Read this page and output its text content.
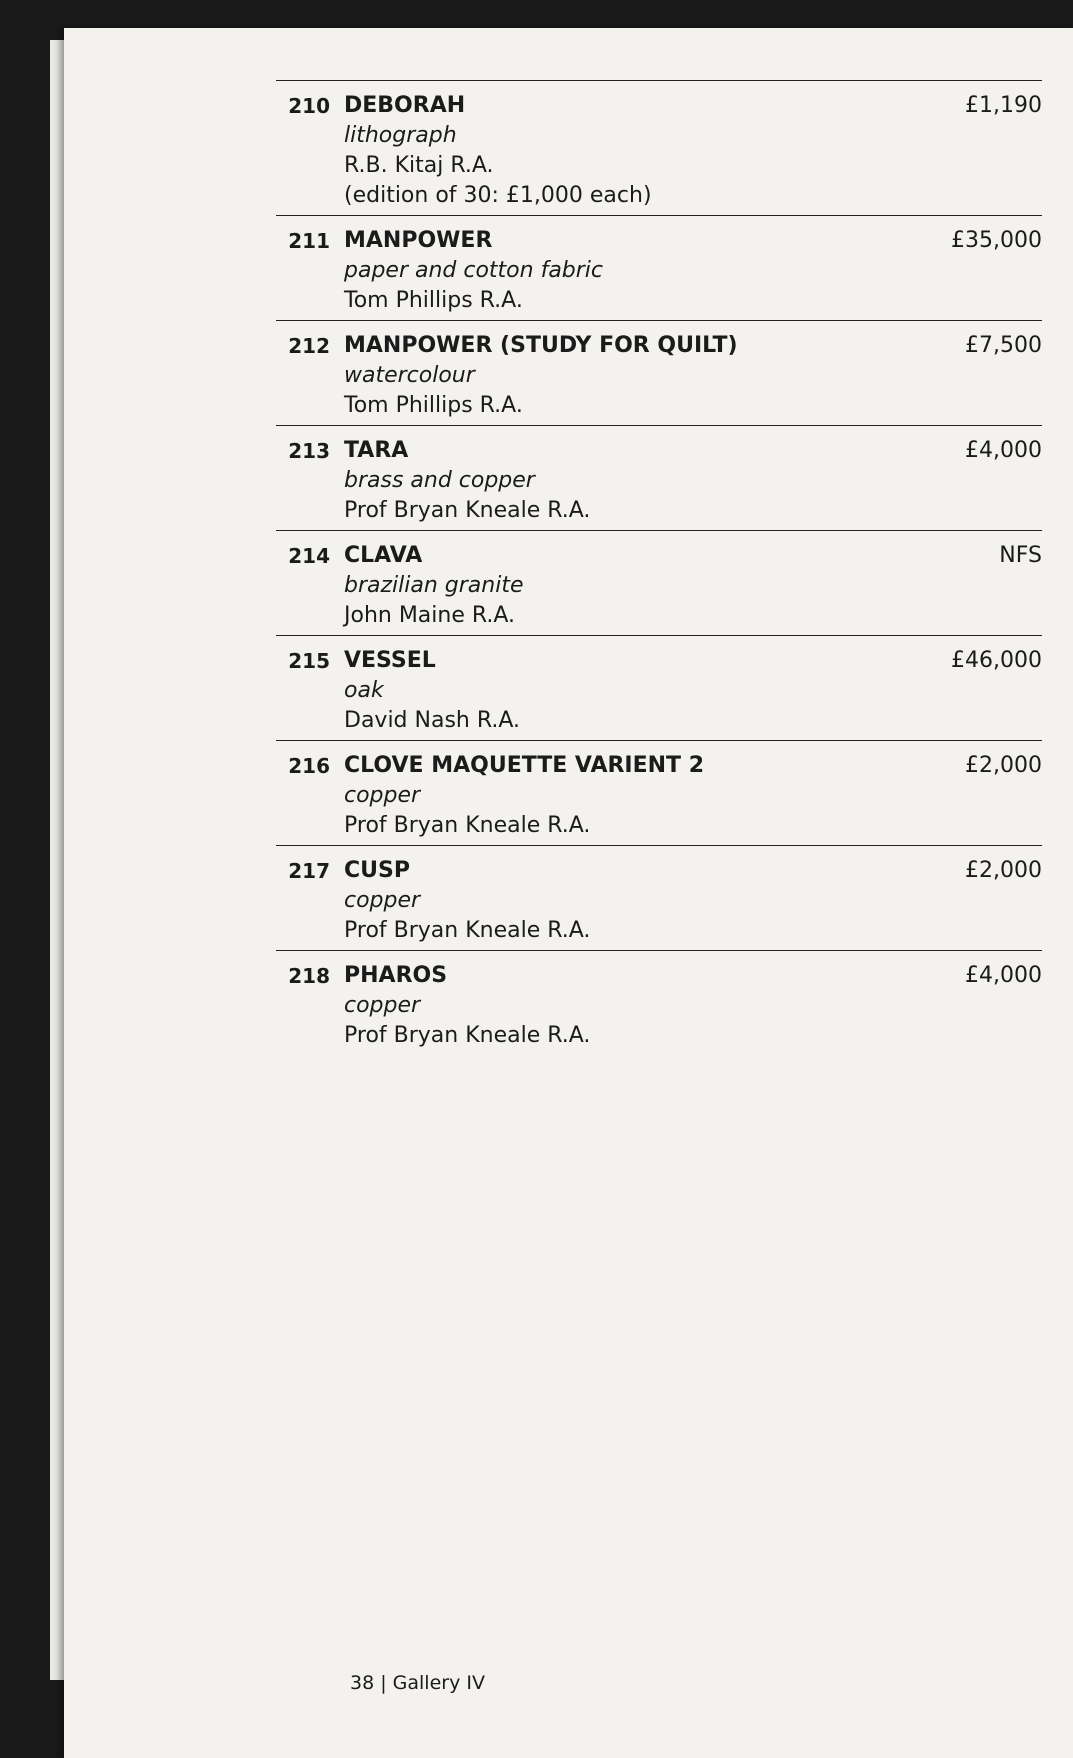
210 DEBORAH
lithograph
R.B. Kitaj R.A.
(edition of 30: £1,000 each)
£1,190
211 MANPOWER
paper and cotton fabric
Tom Phillips R.A.
£35,000
212 MANPOWER (STUDY FOR QUILT)
watercolour
Tom Phillips R.A.
£7,500
213 TARA
brass and copper
Prof Bryan Kneale R.A.
£4,000
214 CLAVA
brazilian granite
John Maine R.A.
NFS
215 VESSEL
oak
David Nash R.A.
£46,000
216 CLOVE MAQUETTE VARIENT 2
copper
Prof Bryan Kneale R.A.
£2,000
217 CUSP
copper
Prof Bryan Kneale R.A.
£2,000
218 PHAROS
copper
Prof Bryan Kneale R.A.
£4,000
38 | Gallery IV
